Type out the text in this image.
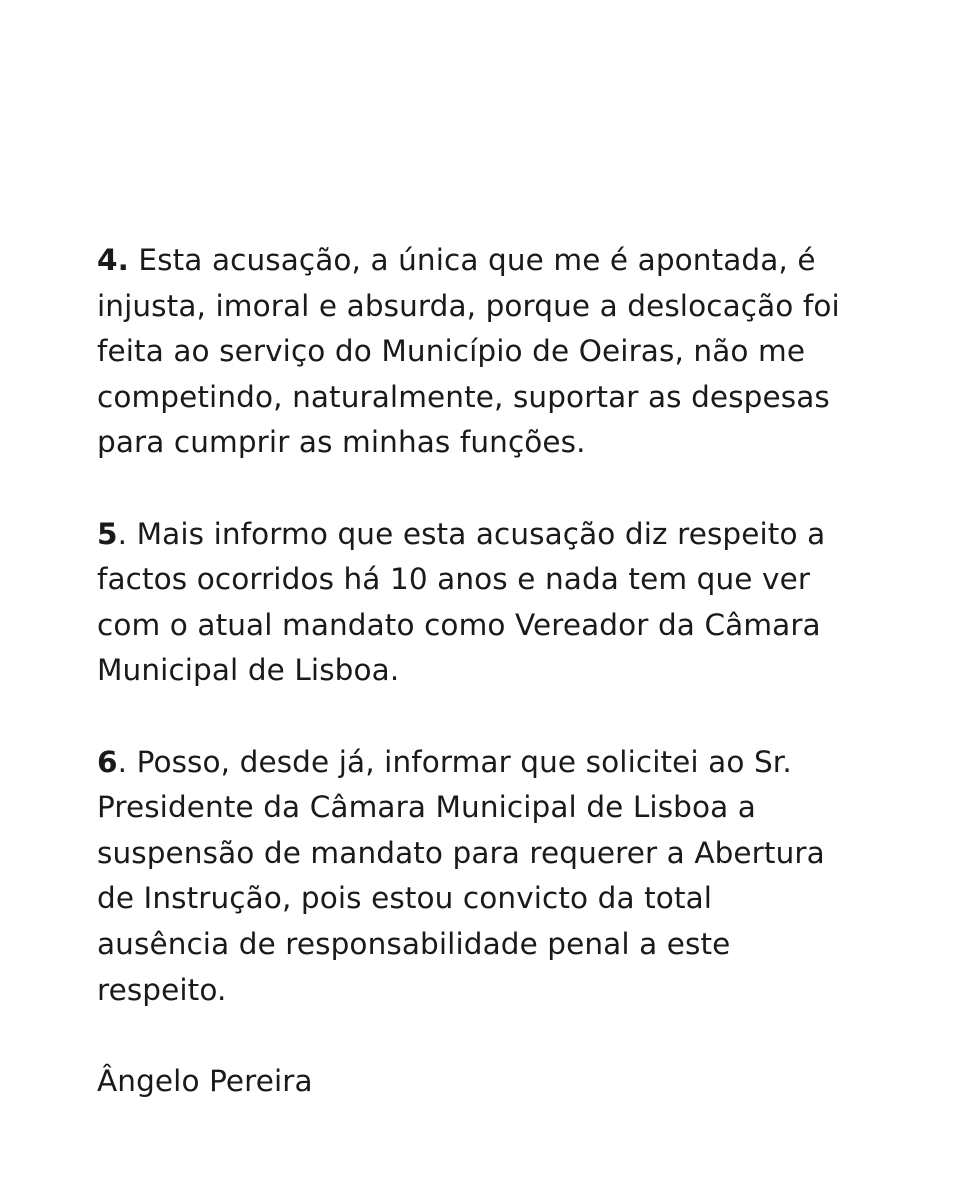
4. Esta acusação, a única que me é apontada, é
injusta, imoral e absurda, porque a deslocação foi
feita ao serviço do Município de Oeiras, não me
competindo, naturalmente, suportar as despesas
para cumprir as minhas funções.

5. Mais informo que esta acusação diz respeito a
factos ocorridos há 10 anos e nada tem que ver
com o atual mandato como Vereador da Câmara
Municipal de Lisboa.

6. Posso, desde já, informar que solicitei ao Sr.
Presidente da Câmara Municipal de Lisboa a
suspensão de mandato para requerer a Abertura
de Instrução, pois estou convicto da total
ausência de responsabilidade penal a este
respeito.

Ângelo Pereira
